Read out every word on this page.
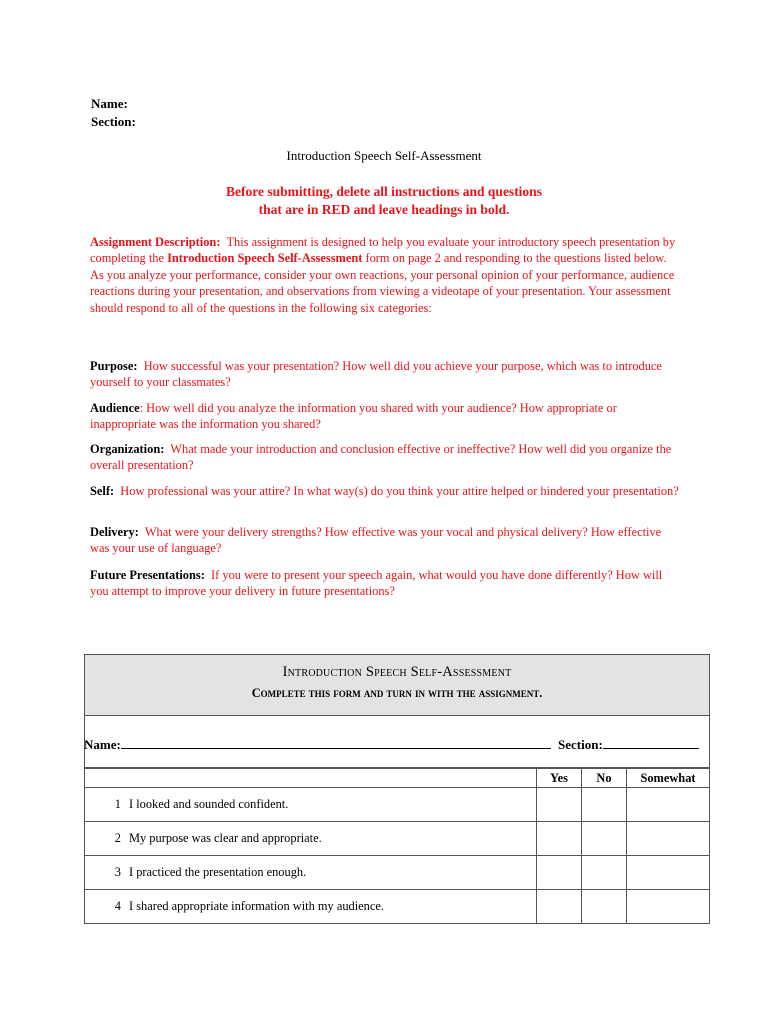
Name:
Section:
Introduction Speech Self-Assessment
Before submitting, delete all instructions and questions
that are in RED and leave headings in bold.
Assignment Description: This assignment is designed to help you evaluate your introductory speech presentation by completing the Introduction Speech Self-Assessment form on page 2 and responding to the questions listed below. As you analyze your performance, consider your own reactions, your personal opinion of your performance, audience reactions during your presentation, and observations from viewing a videotape of your presentation. Your assessment should respond to all of the questions in the following six categories:
Purpose: How successful was your presentation? How well did you achieve your purpose, which was to introduce yourself to your classmates?
Audience: How well did you analyze the information you shared with your audience? How appropriate or inappropriate was the information you shared?
Organization: What made your introduction and conclusion effective or ineffective? How well did you organize the overall presentation?
Self: How professional was your attire? In what way(s) do you think your attire helped or hindered your presentation?
Delivery: What were your delivery strengths? How effective was your vocal and physical delivery? How effective was your use of language?
Future Presentations: If you were to present your speech again, what would you have done differently? How will you attempt to improve your delivery in future presentations?
Introduction Speech Self-Assessment
Complete this form and turn in with the assignment.
Name:	Section:
	Yes	No	Somewhat

1 I looked and sounded confident.			

2 My purpose was clear and appropriate.			

3 I practiced the presentation enough.			

4 I shared appropriate information with my audience.			
